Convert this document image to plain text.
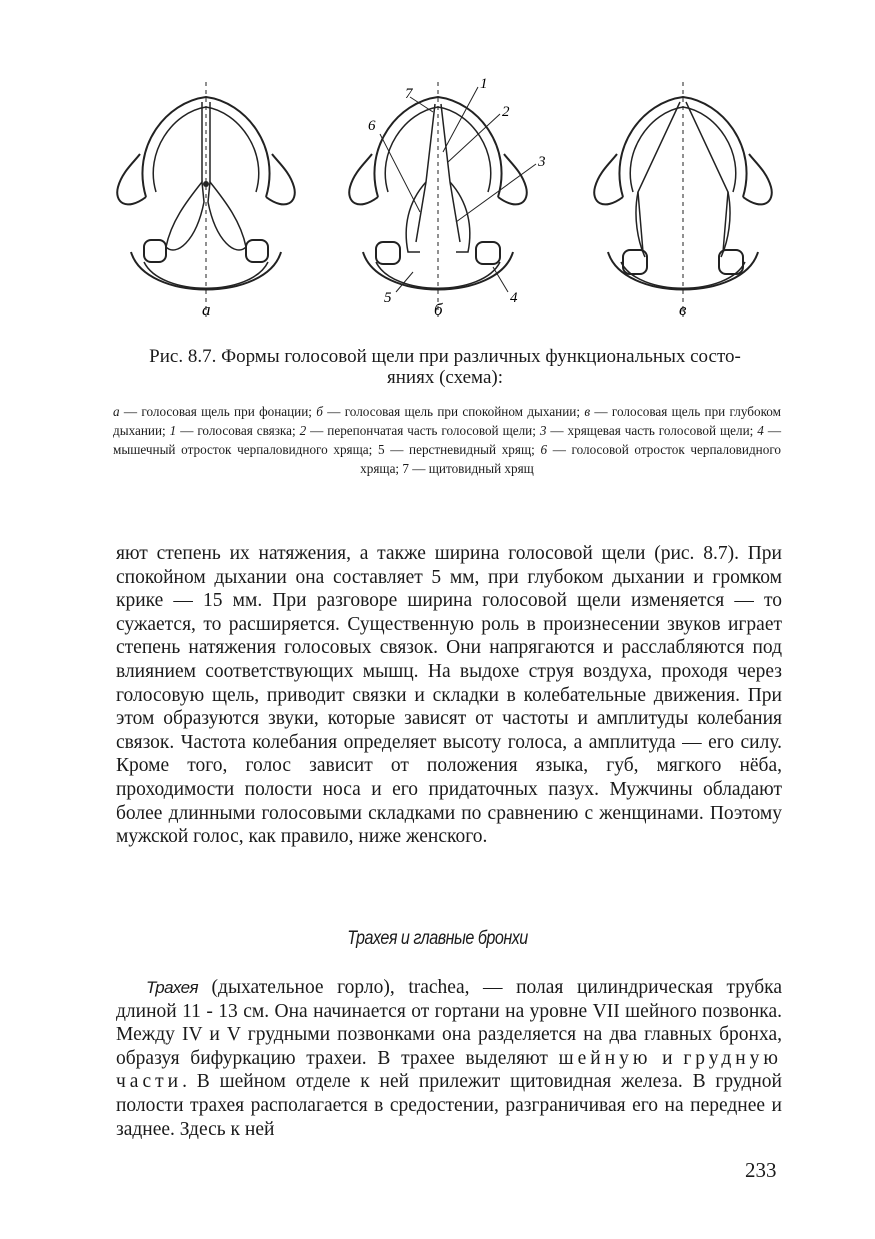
7
1
2
6
3
5	4
а	б	в
Рис. 8.7. Формы голосовой щели при различных функциональных состо-
яниях (схема):
а — голосовая щель при фонации; б — голосовая щель при спокойном дыхании; в — голосовая щель при глубоком дыхании; 1 — голосовая связка; 2 — перепончатая часть голосовой щели; 3 — хрящевая часть голосовой щели; 4 — мышечный отросток черпаловидного хряща; 5 — перстневидный хрящ; 6 — голосовой отросток черпаловидного хряща; 7 — щитовидный хрящ
яют степень их натяжения, а также ширина голосовой щели (рис. 8.7). При спокойном дыхании она составляет 5 мм, при глубоком дыхании и громком крике — 15 мм. При разговоре ширина голосовой щели изменяется — то сужается, то расширяется. Существенную роль в произнесении звуков играет степень натяжения голосовых связок. Они напрягаются и расслабляются под влиянием соответствующих мышц. На выдохе струя воздуха, проходя через голосовую щель, приводит связки и складки в колебательные движения. При этом образуются звуки, которые зависят от частоты и амплитуды колебания связок. Частота колебания определяет высоту голоса, а амплитуда — его силу. Кроме того, голос зависит от положения языка, губ, мягкого нёба, проходимости полости носа и его придаточных пазух. Мужчины обладают более длинными голосовыми складками по сравнению с женщинами. Поэтому мужской голос, как правило, ниже женского.
Трахея и главные бронхи
Трахея (дыхательное горло), trachea, — полая цилиндрическая трубка длиной 11 - 13 см. Она начинается от гортани на уровне VII шейного позвонка. Между IV и V грудными позвонками она разделяется на два главных бронха, образуя бифуркацию трахеи. В трахее выделяют шейную и грудную части. В шейном отделе к ней прилежит щитовидная железа. В грудной полости трахея располагается в средостении, разграничивая его на переднее и заднее. Здесь к ней
233
